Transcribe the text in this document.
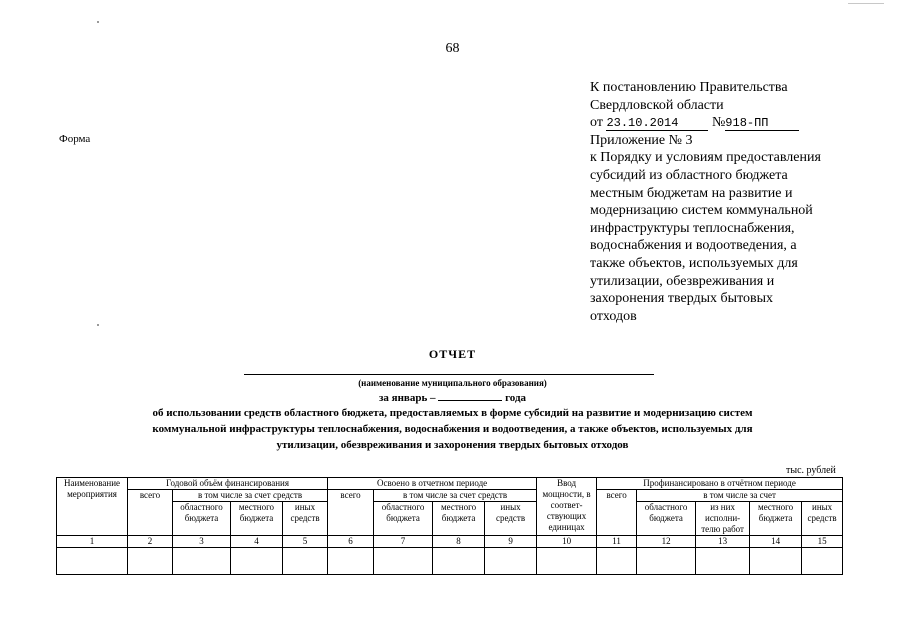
68
Форма
К постановлению Правительства
Свердловской области
от 23.10.2014 №918-ПП
Приложение № 3
к Порядку и условиям предоставления
субсидий из областного бюджета
местным бюджетам на развитие и
модернизацию систем коммунальной
инфраструктуры теплоснабжения,
водоснабжения и водоотведения, а
также объектов, используемых для
утилизации, обезвреживания и
захоронения твердых бытовых
отходов
ОТЧЕТ
(наименование муниципального образования)
за январь –	года
об использовании средств областного бюджета, предоставляемых в форме субсидий на развитие и модернизацию систем
коммунальной инфраструктуры теплоснабжения, водоснабжения и водоотведения, а также объектов, используемых для
утилизации, обезвреживания и захоронения твердых бытовых отходов
тыс. рублей
Наименование
мероприятия	Годовой объём финансирования				Освоено в отчетном периоде				Ввод мощности, в соответ-ствующих единицах	Профинансировано в отчётном периоде				
	всего	в том числе за счет средств			всего	в том числе за счет средств				всего	в том числе за счет			
		областного бюджета	местного бюджета	иных средств		областного бюджета	местного бюджета	иных средств			областного бюджета	из них исполни-телю работ	местного бюджета	иных средств
1	2	3	4	5	6	7	8	9	10	11	12	13	14	15
